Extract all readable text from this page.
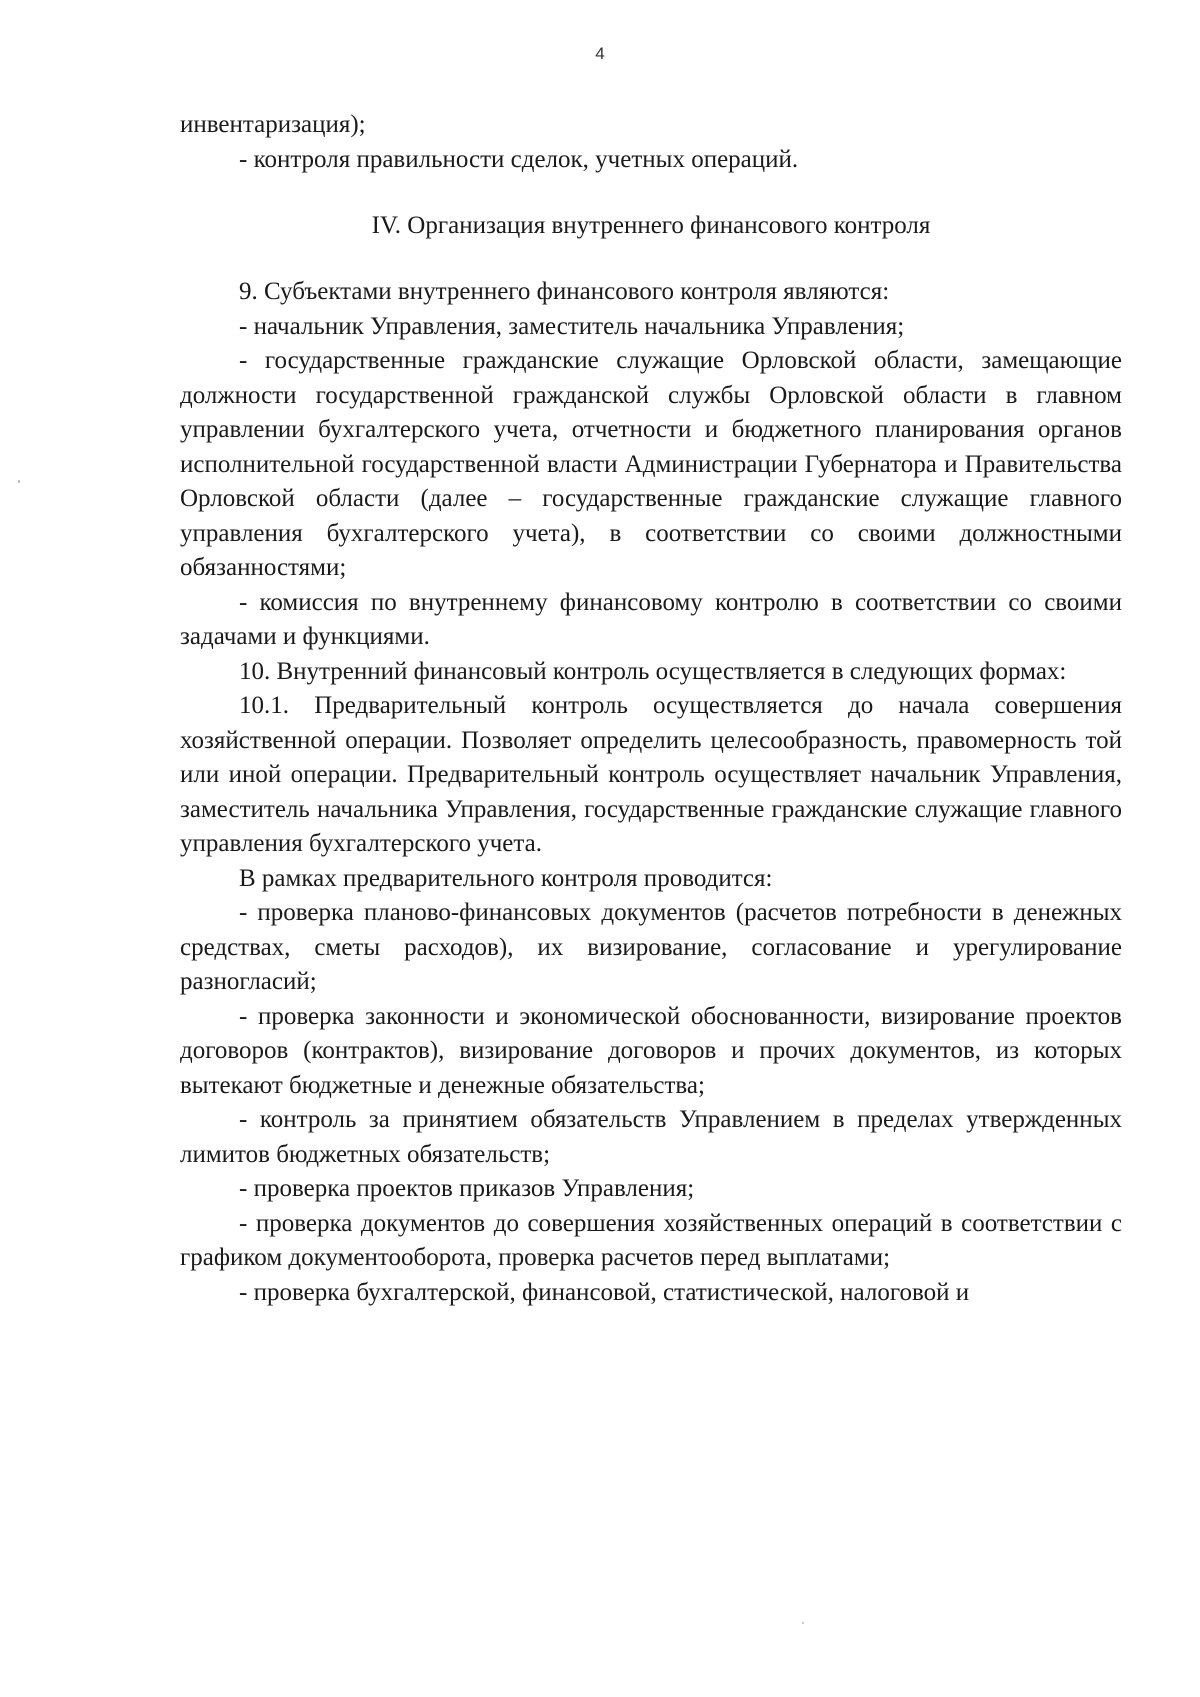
4

инвентаризация);

- контроля правильности сделок, учетных операций.

IV. Организация внутреннего финансового контроля

9. Субъектами внутреннего финансового контроля являются:

- начальник Управления, заместитель начальника Управления;

- государственные гражданские служащие Орловской области, замещающие должности государственной гражданской службы Орловской области в главном управлении бухгалтерского учета, отчетности и бюджетного планирования органов исполнительной государственной власти Администрации Губернатора и Правительства Орловской области (далее – государственные гражданские служащие главного управления бухгалтерского учета), в соответствии со своими должностными обязанностями;

- комиссия по внутреннему финансовому контролю в соответствии со своими задачами и функциями.

10. Внутренний финансовый контроль осуществляется в следующих формах:

10.1. Предварительный контроль осуществляется до начала совершения хозяйственной операции. Позволяет определить целесообразность, правомерность той или иной операции. Предварительный контроль осуществляет начальник Управления, заместитель начальника Управления, государственные гражданские служащие главного управления бухгалтерского учета.

В рамках предварительного контроля проводится:

- проверка планово-финансовых документов (расчетов потребности в денежных средствах, сметы расходов), их визирование, согласование и урегулирование разногласий;

- проверка законности и экономической обоснованности, визирование проектов договоров (контрактов), визирование договоров и прочих документов, из которых вытекают бюджетные и денежные обязательства;

- контроль за принятием обязательств Управлением в пределах утвержденных лимитов бюджетных обязательств;

- проверка проектов приказов Управления;

- проверка документов до совершения хозяйственных операций в соответствии с графиком документооборота, проверка расчетов перед выплатами;

- проверка бухгалтерской, финансовой, статистической, налоговой и
